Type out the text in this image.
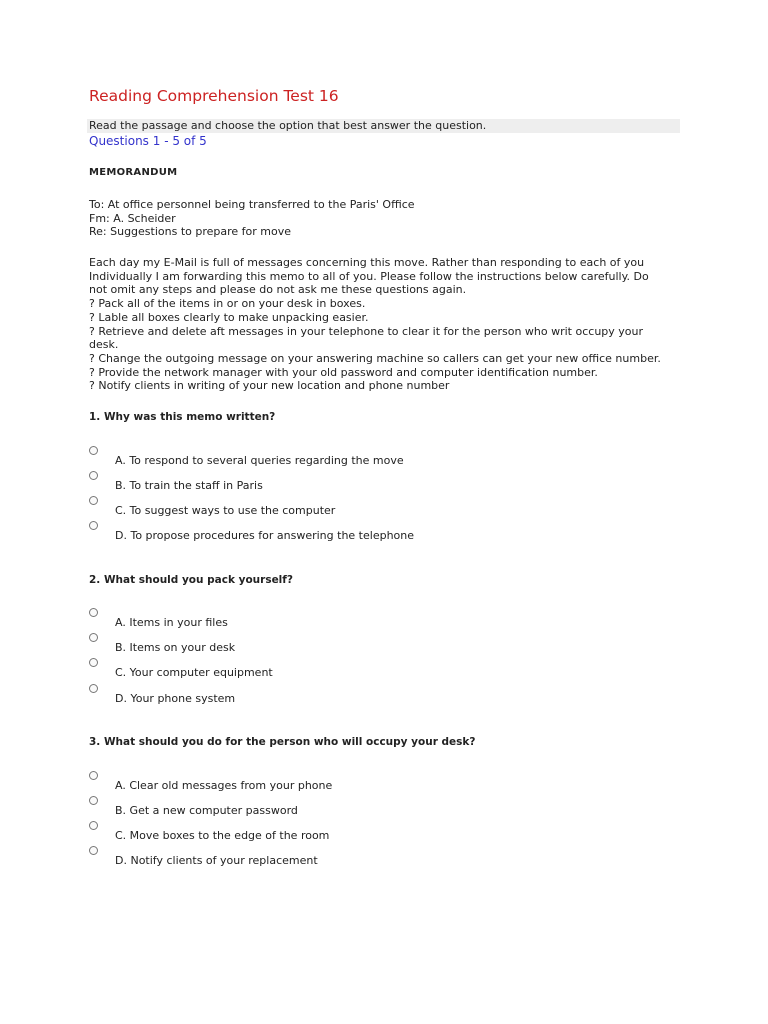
Reading Comprehension Test 16
Read the passage and choose the option that best answer the question.
Questions 1 - 5 of 5
MEMORANDUM
To: At office personnel being transferred to the Paris' Office
Fm: A. Scheider
Re: Suggestions to prepare for move
Each day my E-Mail is full of messages concerning this move. Rather than responding to each of you
Individually I am forwarding this memo to all of you. Please follow the instructions below carefully. Do
not omit any steps and please do not ask me these questions again.
? Pack all of the items in or on your desk in boxes.
? Lable all boxes clearly to make unpacking easier.
? Retrieve and delete aft messages in your telephone to clear it for the person who writ occupy your
desk.
? Change the outgoing message on your answering machine so callers can get your new office number.
? Provide the network manager with your old password and computer identification number.
? Notify clients in writing of your new location and phone number
1. Why was this memo written?
A. To respond to several queries regarding the move
B. To train the staff in Paris
C. To suggest ways to use the computer
D. To propose procedures for answering the telephone
2. What should you pack yourself?
A. Items in your files
B. Items on your desk
C. Your computer equipment
D. Your phone system
3. What should you do for the person who will occupy your desk?
A. Clear old messages from your phone
B. Get a new computer password
C. Move boxes to the edge of the room
D. Notify clients of your replacement
